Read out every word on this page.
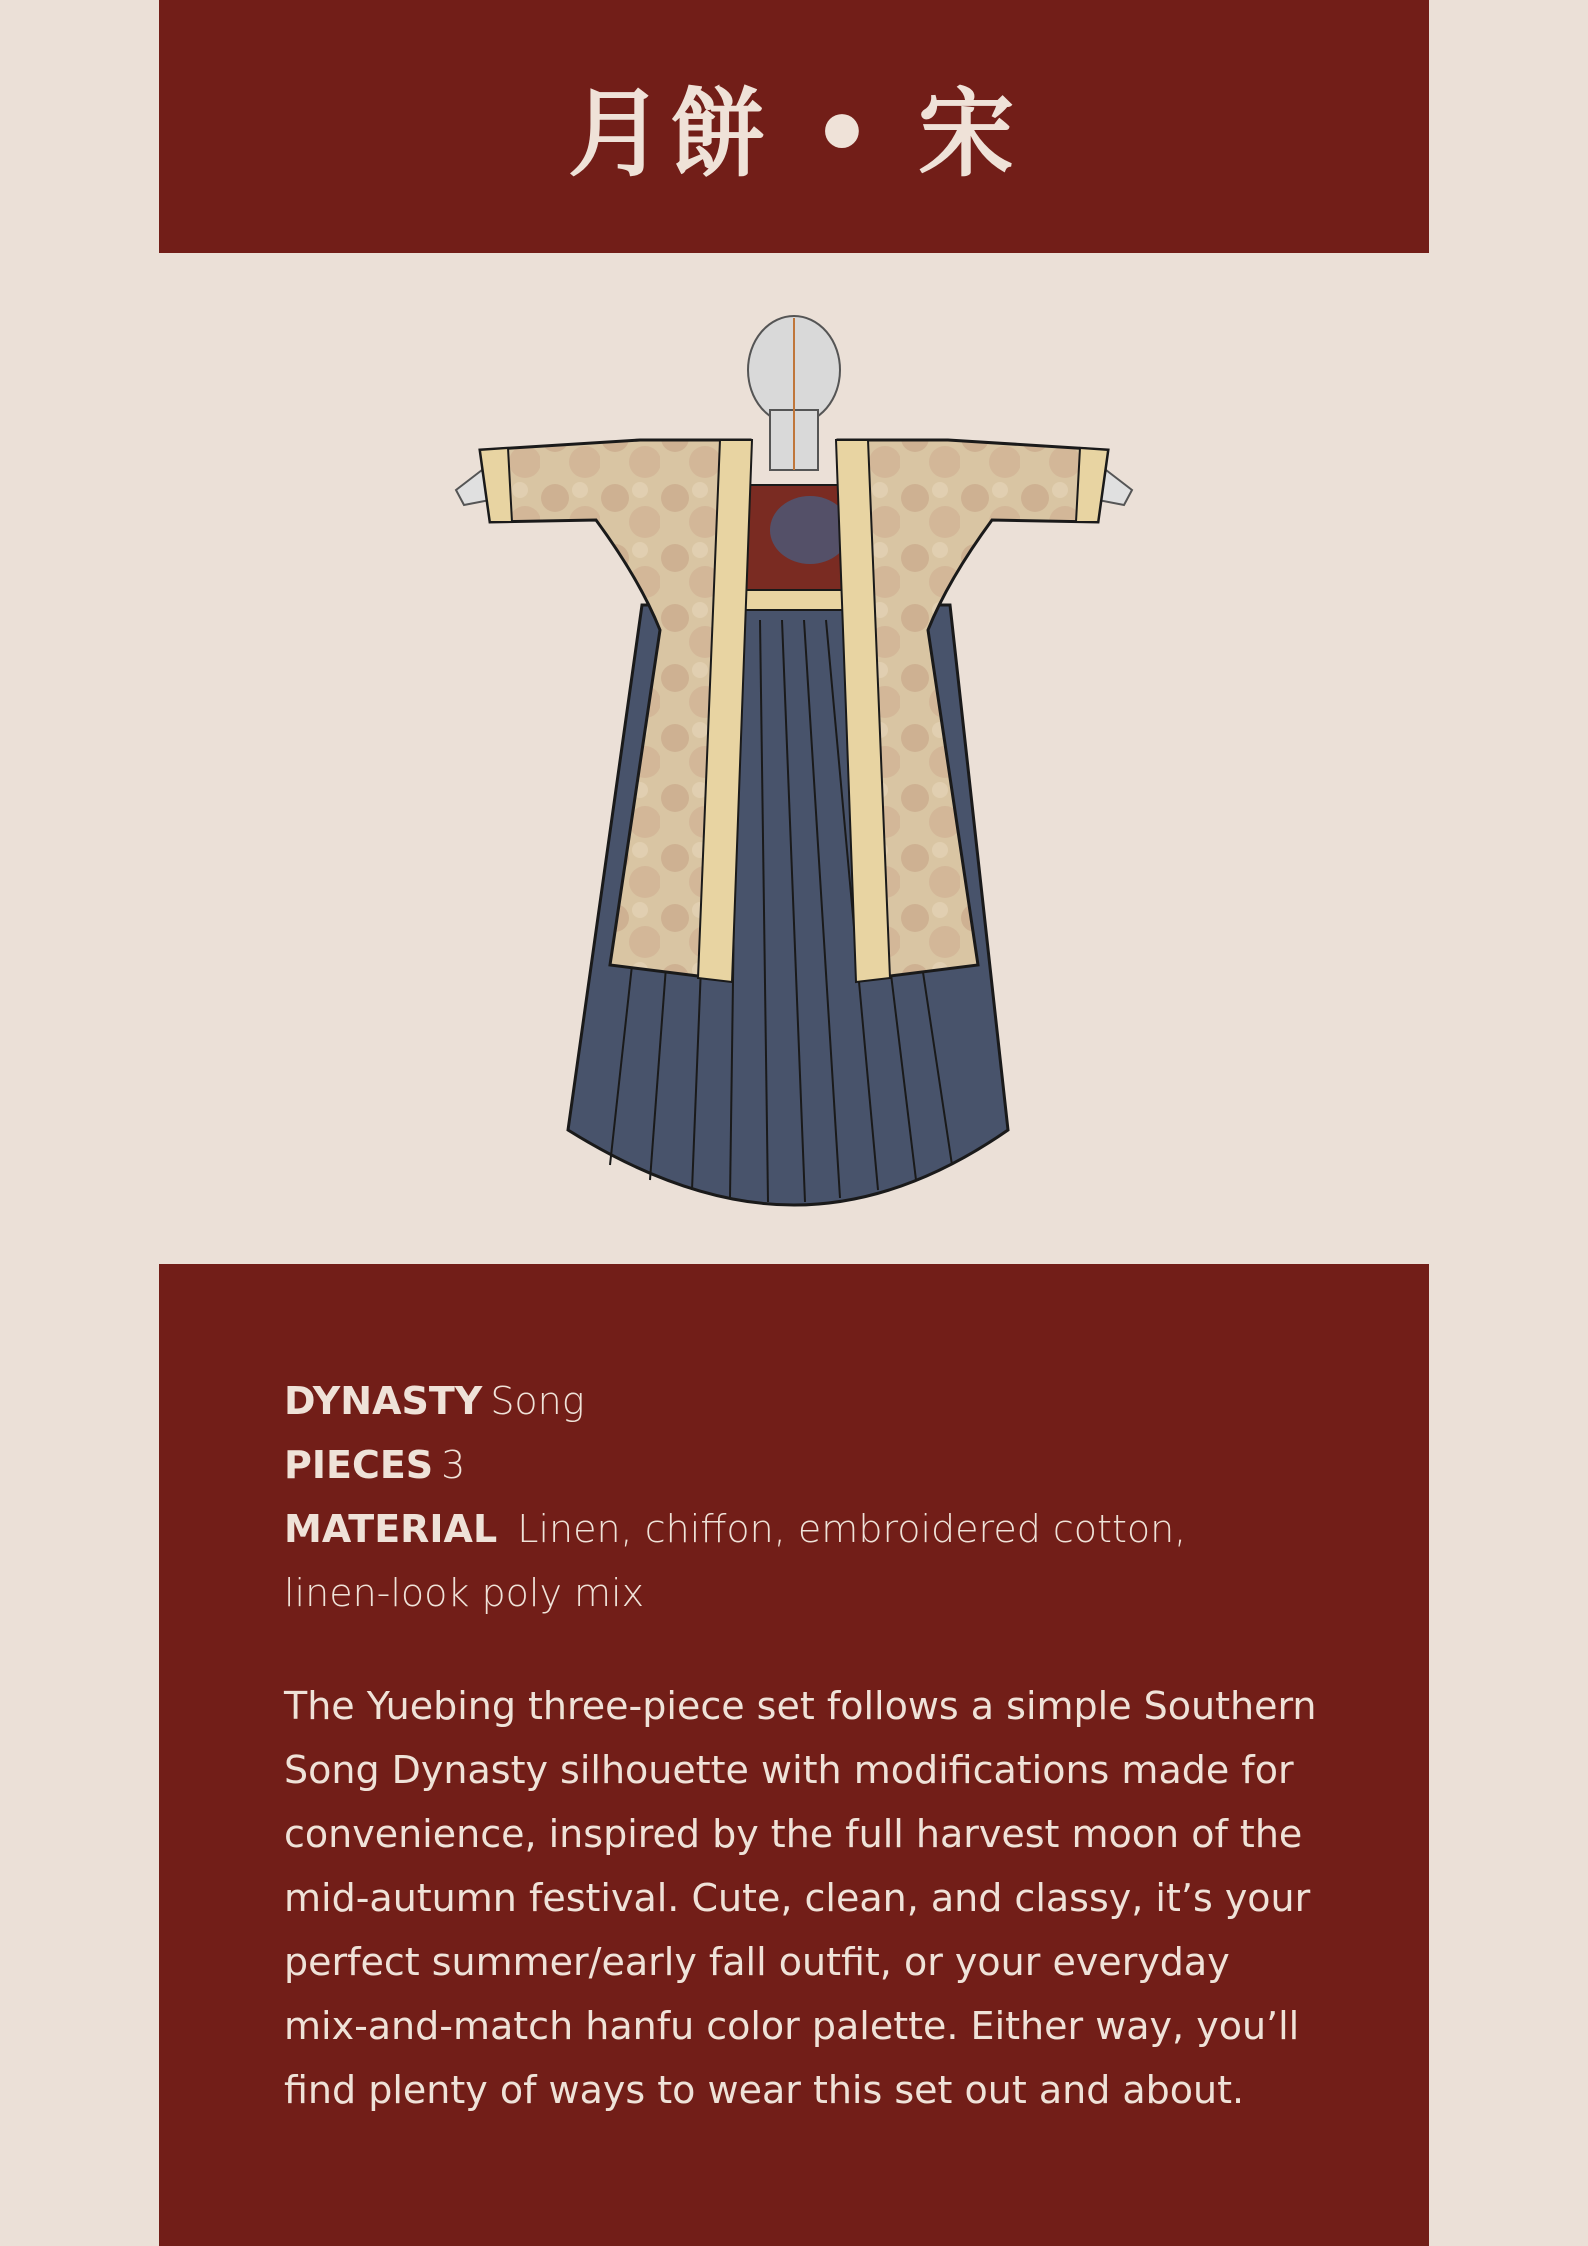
月餅 • 宋

DYNASTY Song

PIECES 3

MATERIAL Linen, chiffon, embroidered cotton, linen-look poly mix

The Yuebing three-piece set follows a simple Southern Song Dynasty silhouette with modifications made for convenience, inspired by the full harvest moon of the mid-autumn festival. Cute, clean, and classy, it’s your perfect summer/early fall outfit, or your everyday mix-and-match hanfu color palette. Either way, you’ll find plenty of ways to wear this set out and about.
